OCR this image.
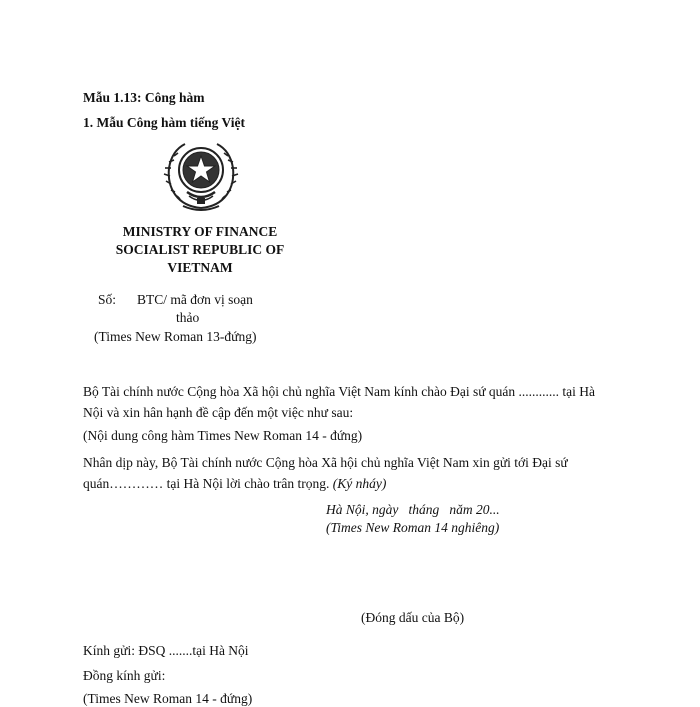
Mẫu 1.13: Công hàm
1. Mẫu Công hàm tiếng Việt
MINISTRY OF FINANCE
SOCIALIST REPUBLIC OF
VIETNAM
Số: BTC/ mã đơn vị soạn
thảo
(Times New Roman 13-đứng)
Bộ Tài chính nước Cộng hòa Xã hội chủ nghĩa Việt Nam kính chào Đại sứ quán ............ tại Hà Nội và xin hân hạnh đề cập đến một việc như sau:
(Nội dung công hàm Times New Roman 14 - đứng)
Nhân dịp này, Bộ Tài chính nước Cộng hòa Xã hội chủ nghĩa Việt Nam xin gửi tới Đại sứ quán………… tại Hà Nội lời chào trân trọng. (Ký nháy)
Hà Nội, ngày   tháng   năm 20...
(Times New Roman 14 nghiêng)
(Đóng dấu của Bộ)
Kính gửi: ĐSQ .......tại Hà Nội
Đồng kính gửi:
(Times New Roman 14 - đứng)
